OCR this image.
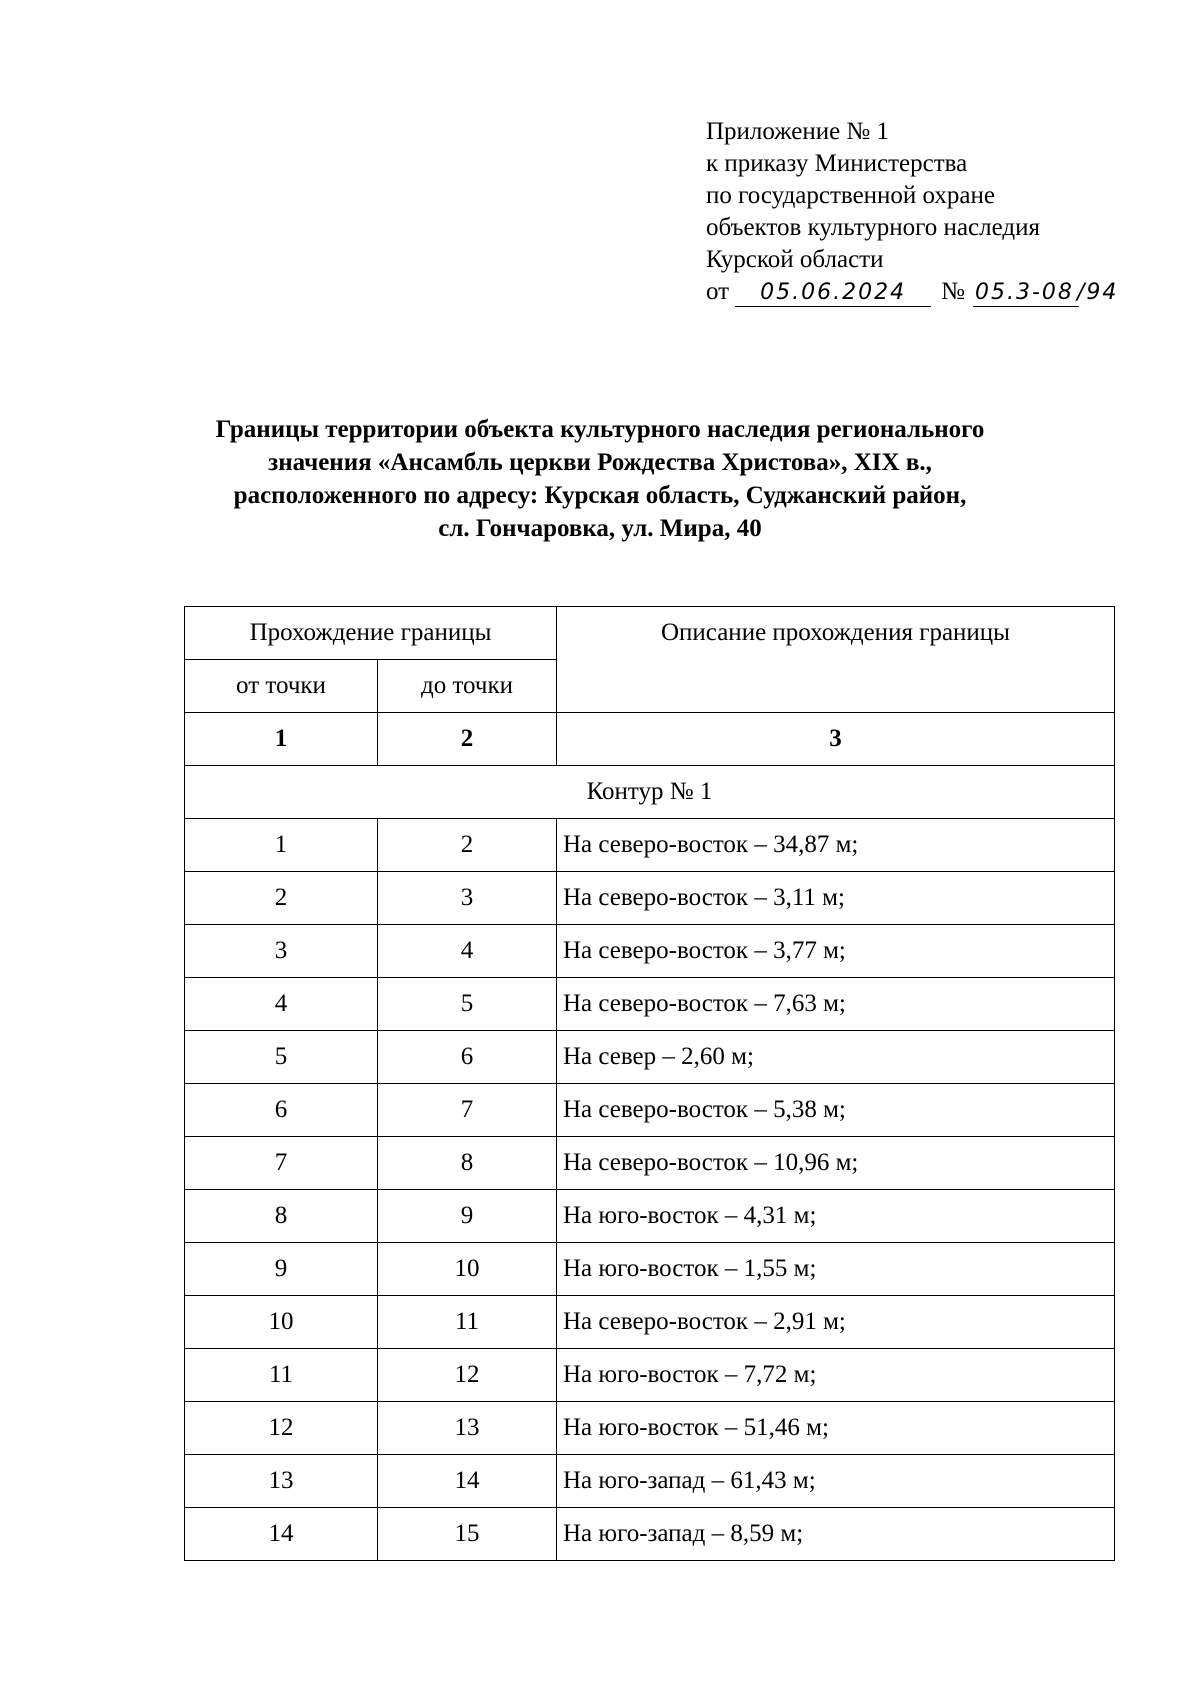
Приложение № 1
к приказу Министерства
по государственной охране
объектов культурного наследия
Курской области
от 05.06.2024 № 05.3-08 /94
Границы территории объекта культурного наследия регионального
значения «Ансамбль церкви Рождества Христова», XIX в.,
расположенного по адресу: Курская область, Суджанский район,
сл. Гончаровка, ул. Мира, 40
Прохождение границы		Описание прохождения границы
от точки	до точки	
1	2	3
Контур № 1		
1	2	На северо-восток – 34,87 м;
2	3	На северо-восток – 3,11 м;
3	4	На северо-восток – 3,77 м;
4	5	На северо-восток – 7,63 м;
5	6	На север – 2,60 м;
6	7	На северо-восток – 5,38 м;
7	8	На северо-восток – 10,96 м;
8	9	На юго-восток – 4,31 м;
9	10	На юго-восток – 1,55 м;
10	11	На северо-восток – 2,91 м;
11	12	На юго-восток – 7,72 м;
12	13	На юго-восток – 51,46 м;
13	14	На юго-запад – 61,43 м;
14	15	На юго-запад – 8,59 м;
